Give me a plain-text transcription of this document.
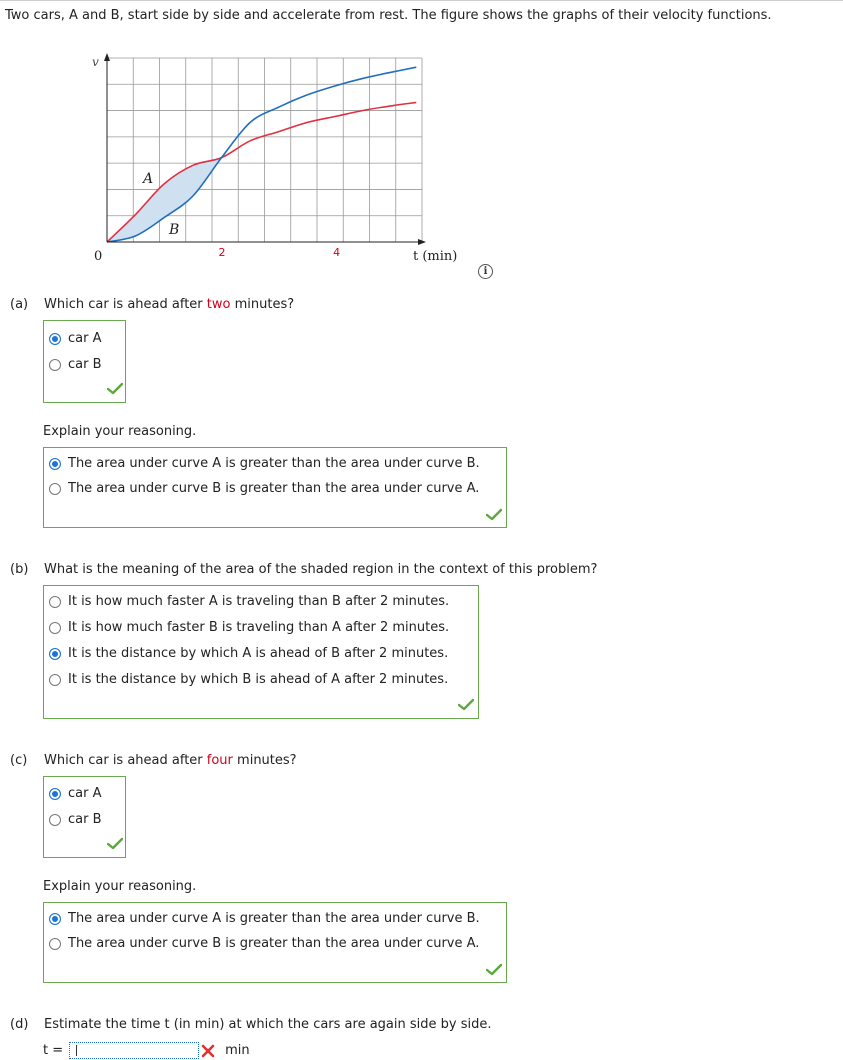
Two cars, A and B, start side by side and accelerate from rest. The figure shows the graphs of their velocity functions.
v
0	2	4	t (min)
A
B
i
(a) Which car is ahead after two minutes?
car A
car B
Explain your reasoning.
The area under curve A is greater than the area under curve B.
The area under curve B is greater than the area under curve A.
(b) What is the meaning of the area of the shaded region in the context of this problem?
It is how much faster A is traveling than B after 2 minutes.
It is how much faster B is traveling than A after 2 minutes.
It is the distance by which A is ahead of B after 2 minutes.
It is the distance by which B is ahead of A after 2 minutes.
(c) Which car is ahead after four minutes?
car A
car B
Explain your reasoning.
The area under curve A is greater than the area under curve B.
The area under curve B is greater than the area under curve A.
(d) Estimate the time t (in min) at which the cars are again side by side.
t =	min
